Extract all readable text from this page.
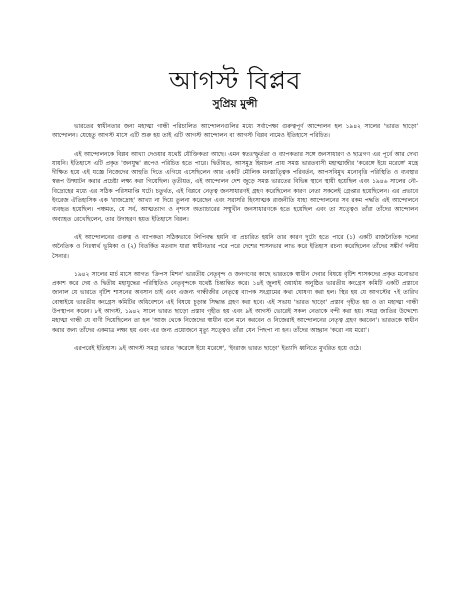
আগস্ট বিপ্লব
সুপ্রিয় মুন্সী

ভারতের স্বাধীনতার জন্য মহাত্মা গান্ধী পরিচালিত আন্দোলনগুলির মধ্যে সর্বাপেক্ষা গুরুত্বপূর্ণ আন্দোলন হল ১৯৪২ সালের 'ভারত ছাড়ো' আন্দোলন। যেহেতু আগস্ট মাসে এটি শুরু হয় তাই এটি আগস্ট আন্দোলন বা আগস্ট বিপ্লব নামেও ইতিহাসে পরিচিত।

এই আন্দোলনকে বিপ্লব আখ্যা দেওয়ার যথেষ্ট যৌক্তিকতা আছে। এমন স্বতঃস্ফূর্ততা ও ব্যাপকতার সঙ্গে জনসাধারণ ও ছাত্রগণ এর পূর্বে আর দেখা যায়নি। ইতিহাসে এটি প্রকৃত 'জনযুদ্ধ' রূপেও পরিচিত হতে পারে। দ্বিতীয়ত, আসমুদ্র হিমাচল প্রায় সমস্ত ভারতবাসী মহাত্মাজীর 'করেঙ্গে ইয়ে মরেঙ্গে' মন্ত্রে দীক্ষিত হয়ে এই যজ্ঞে নিজেদের আহুতি দিতে এগিয়ে এসেছিলেন আর একটি মৌলিক মনস্তাত্ত্বিক পরিবর্তন, আপসবিমুখ মনোবৃত্তি পরিস্থিতি ও ব্যবস্থার স্বরূপ উদ্ঘাটন করার প্রচেষ্টা লক্ষ্য করা গিয়েছিল। তৃতীয়ত, এই আন্দোলন দেশ জুড়ে সমস্ত ভারতের বিভিন্ন স্থানে স্থায়ী হয়েছিল এবং ১৯৪৬ সালের নৌ-বিদ্রোহের মধ্যে এর সঠিক পরিসমাপ্তি ঘটে। চতুর্থত, এই বিপ্লবে নেতৃত্ব জনসাধারণই গ্রহণ করেছিলেন কারণ নেতা সকলেই গ্রেপ্তার হয়েছিলেন। এর প্রভাবে ইংরেজ ঐতিহাসিক এক 'রাজদ্রোহ' আখ্যা না দিয়ে তুলনা করেছেন এবং সরাসরি হিংসাত্মক রাজনীতি যাহা আন্দোলনের সব রকম পদ্ধতি এই আন্দোলনে ব্যবহৃত হয়েছিল। পঞ্চমত, যে সর্ব, আত্মত্যাগ ও নৃশংস অত্যাচারের সম্মুখীন জনসাধারণকে হতে হয়েছিল এবং তা সত্ত্বেও তাঁরা তাঁদের আন্দোলন অব্যাহত রেখেছিলেন, তার উদাহরণ হয়ত ইতিহাসে বিরল।

এই আন্দোলনের গুরুত্ব ও ব্যাপকতা সঠিকভাবে লিপিবদ্ধ হয়নি বা প্রচারিত হয়নি তার কারণ দুটো হতে পারে (১) একটি রাজনৈতিক দলের অনৈতিক ও নিঃস্বার্থ ভূমিকা ও (২) বিতর্কিত মতবাদ যারা স্বাধীনতার পরে পরে দেশের শাসনভার লাভ করে ইতিহাস রচনা করেছিলেন তাঁদের সঙ্কীর্ণ দলীয় সৈন্যর।

১৯৪২ সালের মার্চ মাসে আগত 'ক্রিপস মিশন' ভারতীয় নেতৃবৃন্দ ও জনগণের কাছে ভারতকে স্বাধীন দেবার বিষয়ে বৃটিশ শাসকদের প্রকৃত মনোভাব প্রকাশ করে দেয় ও দ্বিতীয় মহাযুদ্ধের পরিস্থিতিও নেতৃবৃন্দকে যথেষ্ট চিন্তান্বিত করে। ১৪ই জুলাই ওয়ার্ধায় অনুষ্ঠিত ভারতীয় কংগ্রেস কমিটি একটি প্রস্তাবে জানাল যে ভারতে বৃটিশ শাসনের অবসান চাই এবং এজন্য গান্ধীজীর নেতৃত্বে ব্যাপক সংগ্রামের কথা ঘোষণা করা হল। স্থির হয় যে আগস্টের ৭ই তারিখ বোম্বাইয়ে ভারতীয় কংগ্রেস কমিটির অধিবেশনে এই বিষয়ে চূড়ান্ত সিদ্ধান্ত গ্রহণ করা হবে। এই সভায় 'ভারত ছাড়ো' প্রস্তাব গৃহীত হয় ও তা মহাত্মা গান্ধী উপস্থাপন করেন। ৮ই আগস্ট, ১৯৪২ সালে ভারত ছাড়ো প্রস্তাব গৃহীত হয় এবং ৯ই আগস্ট ভোরেই সকল নেতাকে বন্দী করা হয়। সমগ্র জাতির উদ্দেশ্যে মহাত্মা গান্ধী যে বাণী দিয়েছিলেন তা হল 'আজ থেকে নিজেদের স্বাধীন বলে মনে করবেন ও নিজেরাই আন্দোলনের নেতৃত্ব গ্রহণ করবেন'। ভারতকে স্বাধীন করার জন্য তাঁদের একমাত্র লক্ষ্য হয় এবং এর জন্য প্রয়োজনে মৃত্যু সত্ত্বেও তাঁরা যেন পিছপা না হন। তাঁদের আহ্বান 'করো নয় মরো'।

এরপরেই ইতিহাস। ৯ই আগস্ট সমগ্র ভারত 'করেঙ্গে ইয়ে মরেঙ্গে', 'ইংরাজ ভারত ছাড়ো' ইত্যাদি ধ্বনিতে মুখরিত হয়ে ওঠে।
